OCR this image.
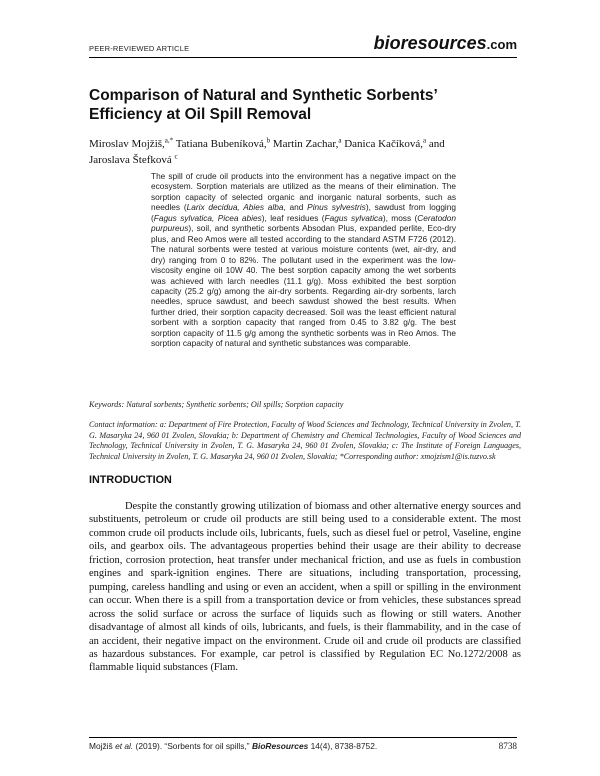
PEER-REVIEWED ARTICLE	bioresources.com
Comparison of Natural and Synthetic Sorbents’ Efficiency at Oil Spill Removal
Miroslav Mojžiš,$^{a,*}$ Tatiana Bubeníková,$^b$ Martin Zachar,$^a$ Danica Kačíková,$^a$ and
Jaroslava Štefková $^c$
The spill of crude oil products into the environment has a negative impact on the ecosystem. Sorption materials are utilized as the means of their elimination. The sorption capacity of selected organic and inorganic natural sorbents, such as needles (Larix decidua, Abies alba, and Pinus sylvestris), sawdust from logging (Fagus sylvatica, Picea abies), leaf residues (Fagus sylvatica), moss (Ceratodon purpureus), soil, and synthetic sorbents Absodan Plus, expanded perlite, Eco-dry plus, and Reo Amos were all tested according to the standard ASTM F726 (2012). The natural sorbents were tested at various moisture contents (wet, air-dry, and dry) ranging from 0 to 82%. The pollutant used in the experiment was the low-viscosity engine oil 10W 40. The best sorption capacity among the wet sorbents was achieved with larch needles (11.1 g/g). Moss exhibited the best sorption capacity (25.2 g/g) among the air-dry sorbents. Regarding air-dry sorbents, larch needles, spruce sawdust, and beech sawdust showed the best results. When further dried, their sorption capacity decreased. Soil was the least efficient natural sorbent with a sorption capacity that ranged from 0.45 to 3.82 g/g. The best sorption capacity of 11.5 g/g among the synthetic sorbents was in Reo Amos. The sorption capacity of natural and synthetic substances was comparable.
Keywords: Natural sorbents; Synthetic sorbents; Oil spills; Sorption capacity
Contact information: a: Department of Fire Protection, Faculty of Wood Sciences and Technology, Technical University in Zvolen, T. G. Masaryka 24, 960 01 Zvolen, Slovakia; b: Department of Chemistry and Chemical Technologies, Faculty of Wood Sciences and Technology, Technical University in Zvolen, T. G. Masaryka 24, 960 01 Zvolen, Slovakia; c: The Institute of Foreign Languages, Technical University in Zvolen, T. G. Masaryka 24, 960 01 Zvolen, Slovakia; *Corresponding author: xmojzism1@is.tuzvo.sk
INTRODUCTION
Despite the constantly growing utilization of biomass and other alternative energy sources and substituents, petroleum or crude oil products are still being used to a considerable extent. The most common crude oil products include oils, lubricants, fuels, such as diesel fuel or petrol, Vaseline, engine oils, and gearbox oils. The advantageous properties behind their usage are their ability to decrease friction, corrosion protection, heat transfer under mechanical friction, and use as fuels in combustion engines and spark-ignition engines. There are situations, including transportation, processing, pumping, careless handling and using or even an accident, when a spill or spilling in the environment can occur. When there is a spill from a transportation device or from vehicles, these substances spread across the solid surface or across the surface of liquids such as flowing or still waters. Another disadvantage of almost all kinds of oils, lubricants, and fuels, is their flammability, and in the case of an accident, their negative impact on the environment. Crude oil and crude oil products are classified as hazardous substances. For example, car petrol is classified by Regulation EC No.1272/2008 as flammable liquid substances (Flam.
Mojžiš et al. (2019). “Sorbents for oil spills,” BioResources 14(4), 8738-8752.	8738
